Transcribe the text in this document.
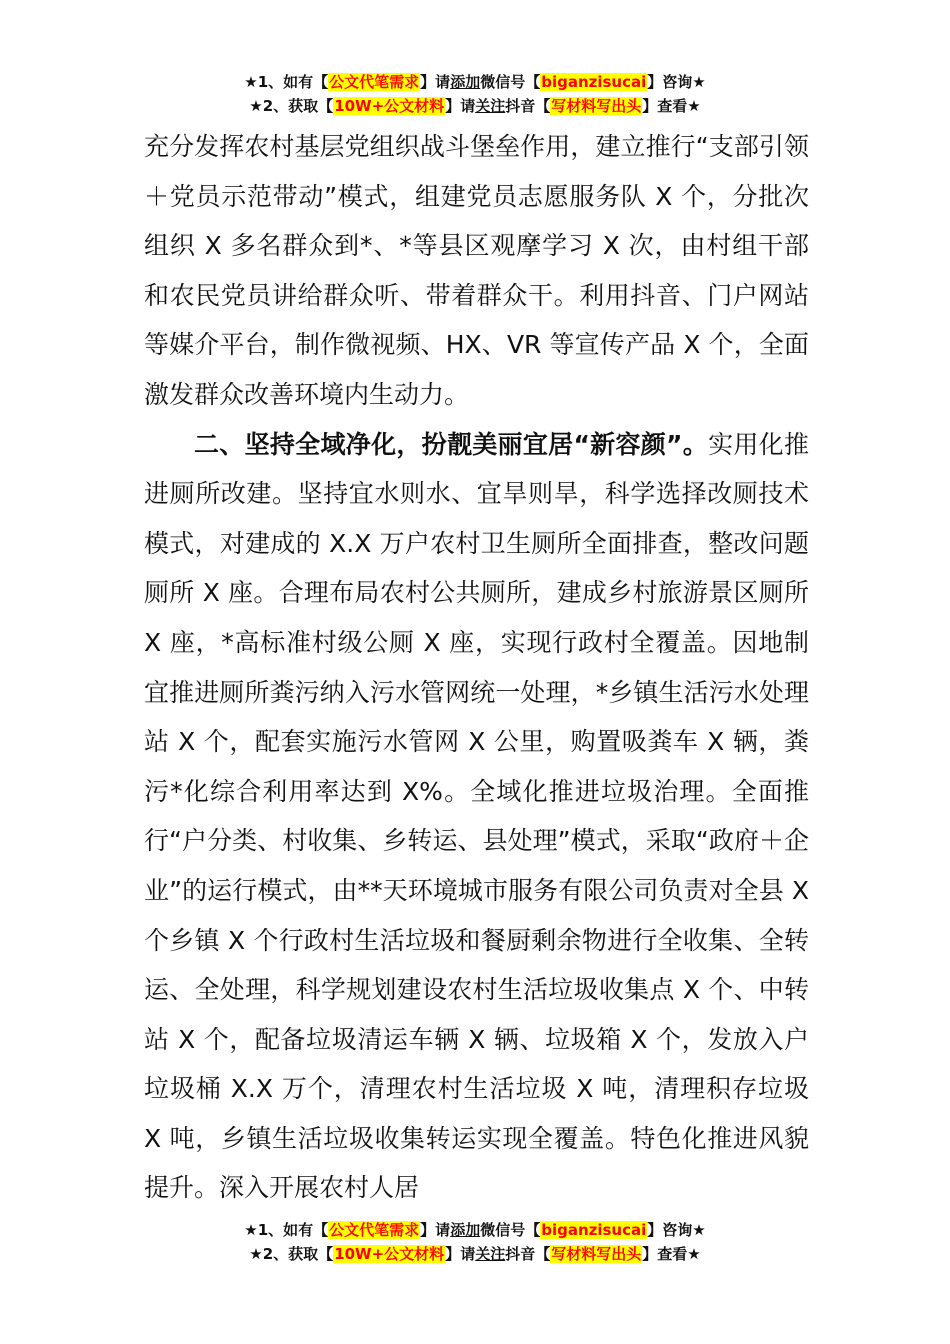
★1、如有【公文代笔需求】请添加微信号【biganzisucai】咨询★
★2、获取【10W+公文材料】请关注抖音【写材料写出头】查看★

充分发挥农村基层党组织战斗堡垒作用，建立推行“支部引领＋党员示范带动”模式，组建党员志愿服务队 X 个，分批次组织 X 多名群众到*、*等县区观摩学习 X 次，由村组干部和农民党员讲给群众听、带着群众干。利用抖音、门户网站等媒介平台，制作微视频、HX、VR 等宣传产品 X 个，全面激发群众改善环境内生动力。

二、坚持全域净化，扮靓美丽宜居“新容颜”。实用化推进厕所改建。坚持宜水则水、宜旱则旱，科学选择改厕技术模式，对建成的 X.X 万户农村卫生厕所全面排查，整改问题厕所 X 座。合理布局农村公共厕所，建成乡村旅游景区厕所 X 座，*高标准村级公厕 X 座，实现行政村全覆盖。因地制宜推进厕所粪污纳入污水管网统一处理，*乡镇生活污水处理站 X 个，配套实施污水管网 X 公里，购置吸粪车 X 辆，粪污*化综合利用率达到 X%。全域化推进垃圾治理。全面推行“户分类、村收集、乡转运、县处理”模式，采取“政府＋企业”的运行模式，由**天环境城市服务有限公司负责对全县 X 个乡镇 X 个行政村生活垃圾和餐厨剩余物进行全收集、全转运、全处理，科学规划建设农村生活垃圾收集点 X 个、中转站 X 个，配备垃圾清运车辆 X 辆、垃圾箱 X 个，发放入户垃圾桶 X.X 万个，清理农村生活垃圾 X 吨，清理积存垃圾 X 吨，乡镇生活垃圾收集转运实现全覆盖。特色化推进风貌提升。深入开展农村人居

★1、如有【公文代笔需求】请添加微信号【biganzisucai】咨询★
★2、获取【10W+公文材料】请关注抖音【写材料写出头】查看★
